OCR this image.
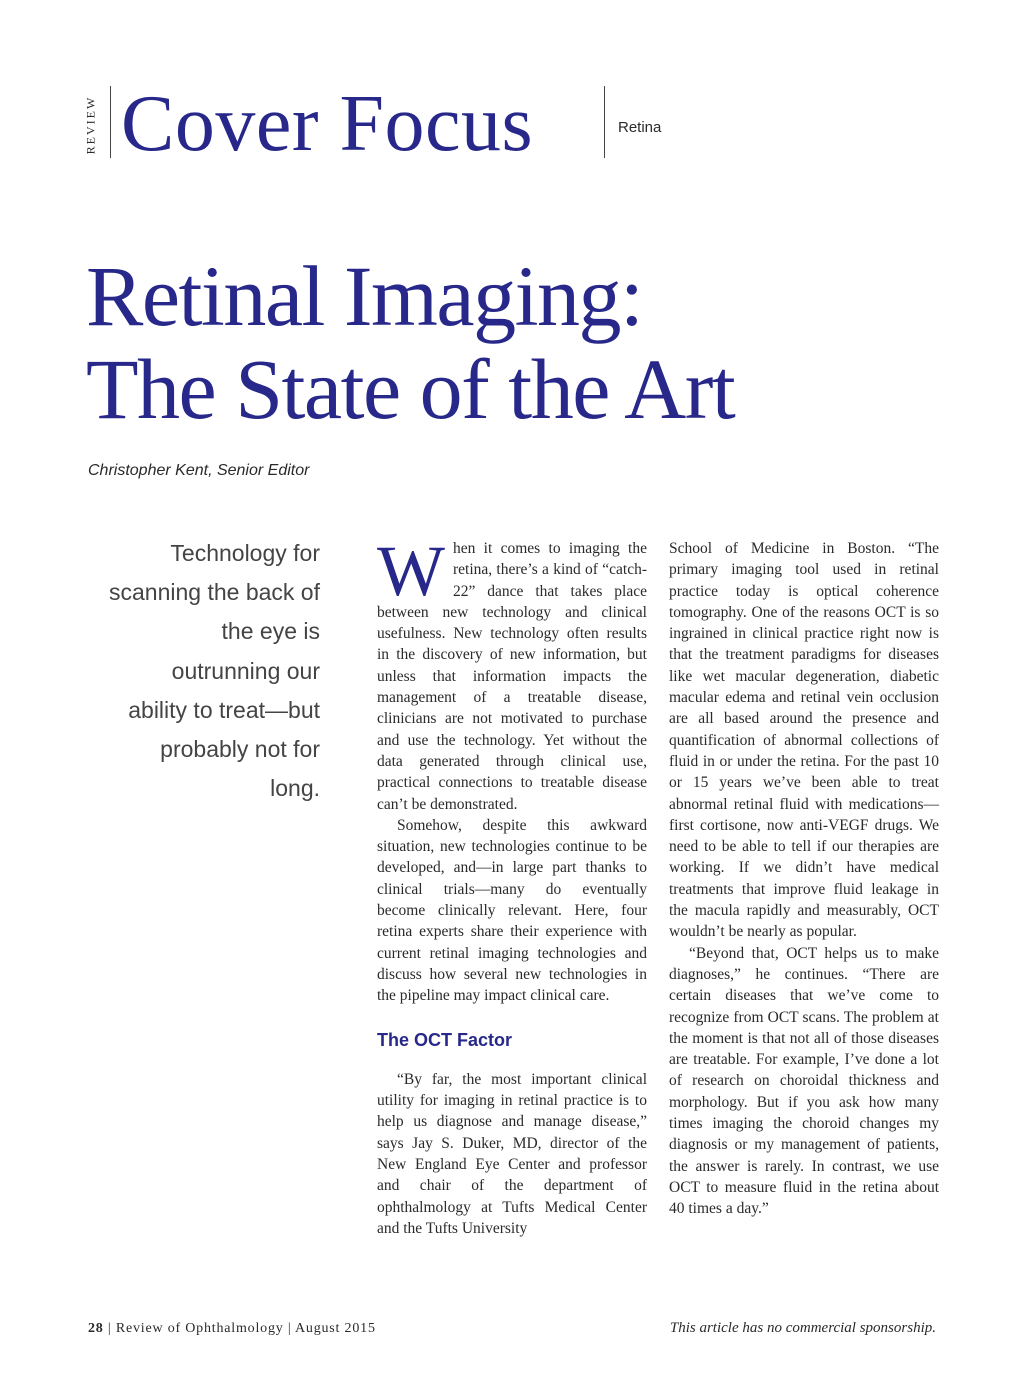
REVIEW Cover Focus	Retina
Retinal Imaging:
The State of the Art
Christopher Kent, Senior Editor
Technology for scanning the back of the eye is outrunning our ability to treat—but probably not for long.

When it comes to imaging the retina, there’s a kind of “catch-22” dance that takes place between new technology and clinical usefulness. New technology often results in the discovery of new information, but unless that information impacts the management of a treatable disease, clinicians are not motivated to purchase and use the technology. Yet without the data generated through clinical use, practical connections to treatable disease can’t be demonstrated.

Somehow, despite this awkward situation, new technologies continue to be developed, and—in large part thanks to clinical trials—many do eventually become clinically relevant. Here, four retina experts share their experience with current retinal imaging technologies and discuss how several new technologies in the pipeline may impact clinical care.

The OCT Factor

“By far, the most important clinical utility for imaging in retinal practice is to help us diagnose and manage disease,” says Jay S. Duker, MD, director of the New England Eye Center and professor and chair of the department of ophthalmology at Tufts Medical Center and the Tufts University

School of Medicine in Boston. “The primary imaging tool used in retinal practice today is optical coherence tomography. One of the reasons OCT is so ingrained in clinical practice right now is that the treatment paradigms for diseases like wet macular degeneration, diabetic macular edema and retinal vein occlusion are all based around the presence and quantification of abnormal collections of fluid in or under the retina. For the past 10 or 15 years we’ve been able to treat abnormal retinal fluid with medications—first cortisone, now anti-VEGF drugs. We need to be able to tell if our therapies are working. If we didn’t have medical treatments that improve fluid leakage in the macula rapidly and measurably, OCT wouldn’t be nearly as popular.

“Beyond that, OCT helps us to make diagnoses,” he continues. “There are certain diseases that we’ve come to recognize from OCT scans. The problem at the moment is that not all of those diseases are treatable. For example, I’ve done a lot of research on choroidal thickness and morphology. But if you ask how many times imaging the choroid changes my diagnosis or my management of patients, the answer is rarely. In contrast, we use OCT to measure fluid in the retina about 40 times a day.”

28 | Review of Ophthalmology | August 2015	This article has no commercial sponsorship.
